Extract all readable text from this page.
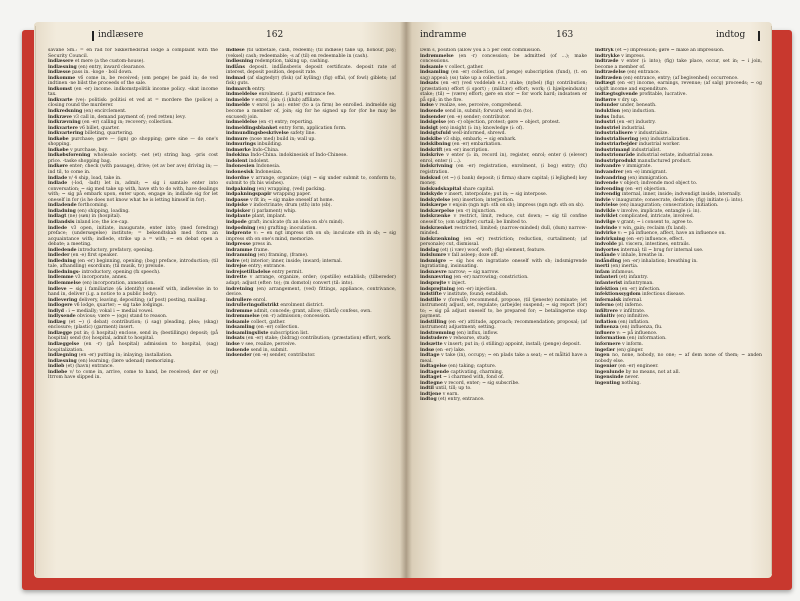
indlæsere	162

savane Sm.: = en rad for Sikkerhedsråd lodge a complaint with the Security Council.

indlæsere et mere (a the custom-house).

indlæsning (en) entry, inward clearance.

indlæsse pass in. -koge · boil down.

indkomme v6 come in, be received; (om penge) be paid in; de ved indtinen -ne bilst the proceeds of the sale.

indkomst (en -er) income. indkomstpolitik income policy. -skat income tax.

indkvarte (ve): politisk: politisi et ved at = mordere the (police) a closing round the murderer.

indkredsning (en) encirclement.

indkræve v3 call in, demand payment of; (ved retten) levy.

indkrævning (en -er) calling in; recovery; collection.

indkvartere v6 billet, quarter.

indkvartering billeting, quartering.

indkøbe purchase; gøre — (ign) go shopping; gøre sine — do one's shopping.

indkøbe v purchase, buy.

indkøbsforening wholesale society. -net (et) string bag. -pris cost price. -taske shopping bag.

indkøre enter; check (with passage), drive; (et av ber ave) driving in; — ind til, to come in.

indlade v/ 4 ship, load, take in.

indlade (-lod, -ladt) let in, admit; ~ sig i samtale enter into conversation; ~ sig med take up with, have sth to do with, have dealings with; ~ sig på embark upon, enter upon, engage in; indlade sig for let oneself in for (is he does not know what he is letting himself in for).

indladende forthcoming.

indladning (en) shipping, loading.

indlagt (ne) (søn) in (hospital).

indlandsis inland ice; the ice-cap.

indlede v3 open, initiate, inaugurate, enter into; (med foredrag) preface; (undersøgelse) institute; = bekendtskab med form an acquaintance with; indlede, strike up a = with; ~ en debat open a debate; a meeting.

indledende introductory, prefatory, opening.

indleder (en -e) first speaker.

indledning (en -er) beginning, opening; (bog) preface, introduction; (til tale, afhandling) exordium; (til musik, tv) prelude.

indlednings- introductory, opening (fx speech).

indlemme v3 incorporate, annex.

indlemmelse (en) incorporation, annexation.

indleve ~ sig i familiarize (& identify) oneself with, indlevelse in to hand in, deliver (i.g. a notice to a public body).

indlevering delivery, leaving, depositing; (af post) posting, mailing.

indlogere v6 lodge, quarter; ~ sig take lodgings.

indlyd : i ~ medially; vokal i ~ medial vowel.

indlysende obvious; være ~ (ogs) stand to reason.

indlæg (et ~) (i debat) contribution; (i sag) pleading, plea; (skag) enclosure; (plastic) (garment) insert.

indlægge put in; (i hospital) enclose, send in; (bestillings) deposit; (på hospital) send (to) hospital, admit to hospital.

indlæggelse (en -r) (på hospital) admission to hospital, (sag) hospitalization.

indlægning (en -er) putting in; inlaying; installation.

indlæsning (en) learning; (lære udenad) memorizing.

indløb (et) (havn) entrance.

indløbe v/ to come in, arrive, come to hand, be received; der er (ej) ltrrom have slipped in.

indløse (til udbetale, cash, redeem); (til indløse) take up, honour, pay; (veksel) cash; redeemable; -s af (til) en redeemable in (cash).

indløsning redemption, taking up, cashing.

indlåns deposit. indlånsbevis deposit certificate. deposit rate of interest, deposit position, deposit rate.

indmad (af slagtedyr) (fisk) (af kylling) (fig) offal, (of fowl) giblets; (af fisk) guts.

indmarch entry.

indmeldelse enrolment. (i parti) entrance fee.

indmelde v enrol, join; (i (klub) affiliate.

indmelde v enrol (i: as): enter (to a (a firm) be enrolled. indmelde sig become a member of, join; sig for he signed up for (for he may be excused) join.

indmeldelse (en -r) entry; reporting.

indmeldingsblanket entry form, application form.

indmundingsbeskrivelse safety line.

indmure (nose med) build in; wall up.

indmurings inbuilding.

indmørke Indo-China.

Indokina Indo-China. indokinesisk of Indo-Chinese.

indolent indolent.

Indonesien Indonesia.

indonesisk Indonesian.

indordne v arrange, organize; (sig) ~ sig under submit to, conform to, submit to (fx his wishes).

indpakning (en) wrapping, (ved) packing.

indpakningspapir wrapping paper.

indpasse v fit in; ~ sig make oneself at home.

indpiske v indoctrinate; drum (sth) into (sb).

indpisker (i parlament) whip.

indplante plant, implant.

indpode graft; inculcate (fx an idea on sb's mind).

indpodning (en) grafting; inoculation.

indprente v: ~ en ngt impress sth on sb; inculcate sth in sb; ~ sig impress sth on one's mind, memorize.

indpresse press in.

indramme frame.

indramning (en) framing, (frame).

indre (et) interior; inner, inside; inward; internal.

indrejse entry; entrance.

indrejsetilladelse entry permit.

indrette v arrange, organize, order; (opstille) establish; (tilbereder) adapt; adjust (efter: to); (m domstol) convert (til: into).

indretning (en) arrangement, (ved) fittings, appliance, contrivance, device.

indrullere enrol.

indrulleringsdistrikt enrolment district.

indrømme admit, concede; grant, allow; (tilstå) confess, own.

indrømmelse (en -r) admission; concession.

indsamle collect, gather.

indsamling (en -er) collection.

indsamlingsliste subscription list.

indsats (en -er) stake; (bidrag) contribution; (præstation) effort, work.

indse v see, realize, perceive.

indsende send in, submit.

indsender (en -e) sender, contributor.

indramme	163	indtog

Dem s, position (allow you a 5 per cent commission.

indrømmelse (en -r) concession; be admitted (of ...); make concessions.

indsamle v collect, gather.

indsamling (en -er) collection, (af penge) subscription (fund), (t. en sag) appeal; (ss) take up a collection.

indsats (en -er) (ved voddeløb e.t.) stake; (nybel) (fig) contribution; (præstation) effort (i sport) ; (militær) effort; work; (i hjælpeindsats) stake; (til) ~ (være) effort; gøre en stor ~ for work hard; indsatsen er på spil; in the fire.

indse v realize, see, perceive, comprehend.

indsende send in, submit; forward; send in (to).

indsender (en -e) sender; contributor.

indsigelse (en -r) objection, protest; gøre ~ object, protest.

indsigt (en) insight (i: in); knowledge (i: of).

indsigtsfuld well-informed, shrewd.

indskibe v3 ship, embark; ~ sig embark.

indskibning (en -er) embarkation.

indskrift (en -er) inscription.

indskrive v enter (i: in, record in), register, enrol; enter (i (elever) enrol, enter (i ...).

indskrivning (en -er) registration, enrolment, (i bog) entry; (fx) registration.

indskud (et ~) (i bank) deposit; (i firma) share capital; (i lejlighed) key money.

indskudskapital share capital.

indskyde v insert, interpolate; put in; ~ sig interpose.

indskydelse (en) insertion; interjection.

indskærpe v enjoin (ngn ngt: sth on sb); impress (ngn ngt: sth on sb).

indskærpelse (en -r) injunction.

indskrænke v restrict, limit, reduce, cut down; ~ sig til confine oneself to; (om udgifter) curtail; be limited to.

indskrænket restricted, limited; (narrow-minded) dull, (dum) narrow-minded.

indskrænkning (en -er) restriction; reduction, curtailment; (af personale) cut, dismissal.

indslag (et) (i væv) woof, weft; (fig) element, feature.

indslumre v fall asleep; doze off.

indsmigre ~ sig hos en ingratiate oneself with sb; indsmigrende ingratiating, insinuating.

indsnævre narrow; ~ sig narrow.

indsnævring (en -er) narrowing; constriction.

indsprøjte v inject.

indsprøjtning (en -er) injection.

indstifte v institute, found; establish.

indstille v (foreslå) recommend, propose, (til tjeneste) nominate; (et instrument) adjust, set, regulate; (arbejde) suspend; ~ sig report (for) to; ~ sig på adjust oneself to, be prepared for; ~ betalingerne stop payment.

indstilling (en -er) attitude, approach; recommendation; proposal; (af instrument) adjustment; setting.

indstrømning (en) influx, inflow.

indstudere v rehearse, study.

indsætte v insert; put in; (i stilling) appoint, install; (penge) deposit.

indsø (en -er) lake.

indtage v take (in), occupy; ~ en plads take a seat; ~ et måltid have a meal.

indtagelse (en) taking; capture.

indtagende captivating, charming.

indtaget ~ i charmed with, fond of.

indtegne v record, enter; ~ sig subscribe.

indtil until, till; up to.

indtjene v earn.

indtog (et) entry, entrance.

indtryk (et ~) impression; gøre ~ make an impression.

indtrykke v impress.

indtræde v enter (i: into); (fig) take place, occur, set in; ~ i join, become a member of.

indtrædelse (en) entrance.

indtræden (en) entrance, entry; (af begivenhed) occurrence.

indtægt (en -er) income, earnings, revenue; (af salg) proceeds; ~ og udgift income and expenditure.

indtægtsgivende profitable, lucrative.

indtørre v dry up.

indunder under, beneath.

induktion (en) induction.

indus Indus.

industri (en -er) industry.

industriel industrial.

industrialisere v industrialize.

industrialisering (en) industrialization.

industriarbejder industrial worker.

industrimand industrialist.

industriområde industrial estate, industrial zone.

industriprodukt manufactured product.

indvandre v immigrate.

indvandrer (en -e) immigrant.

indvandring (en) immigration.

indvende v object; indvende mod object to.

indvending (en -er) objection.

indvendig internal, inner, inside; indvendigt inside, internally.

indvie v inaugurate; consecrate, dedicate; (fig) initiate (i: into).

indvielse (en) inauguration; consecration; initiation.

indvikle v involve, implicate, entangle (i: in).

indviklet complicated, intricate, involved.

indvilge v grant; ~ i consent to, agree to.

indvinde v win, gain; reclaim (fx land).

indvirke v: ~ på influence, affect, have an influence on.

indvirkning (en -er) influence, effect.

indvolde pl. viscera, intestines, entrails.

indvortes internal; til ~ brug for internal use.

indånde v inhale, breathe in.

indånding (en -er) inhalation; breathing in.

inerti (en) inertia.

infam infamous.

infanteri (et) infantry.

infanterist infantryman.

infektion (en -er) infection.

infektionssygdom infectious disease.

infernalsk infernal.

inferno (et) inferno.

infiltrere v infiltrate.

infinitiv (en) infinitive.

inflation (en) inflation.

influenza (en) influenza, flu.

influere v: ~ på influence.

information (en) information.

informere v inform.

ingefær (en) ginger.

ingen no, none, nobody, no one; ~ af dem none of them; ~ anden nobody else.

ingeniør (en -er) engineer.

ingenlunde by no means, not at all.

ingensinde never.

ingenting nothing.
